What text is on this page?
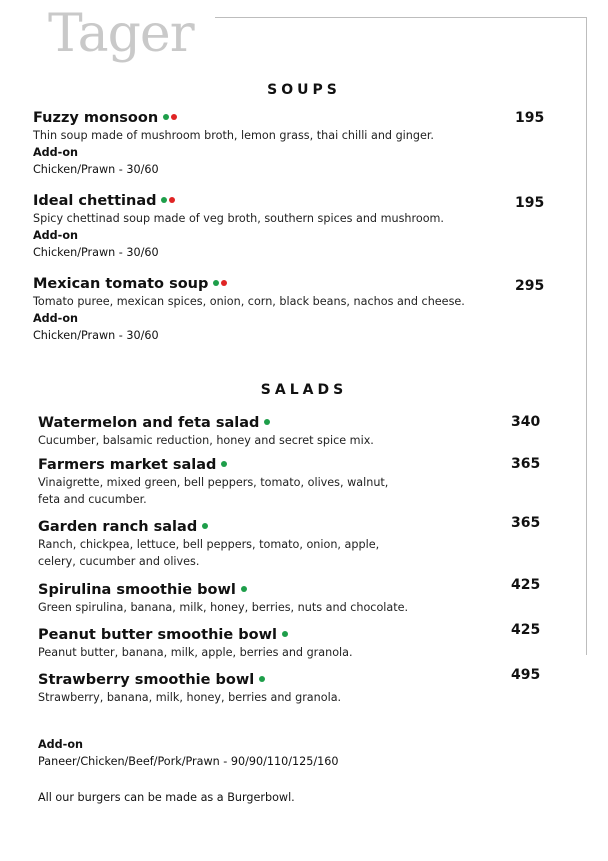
Tager
SOUPS
Fuzzy monsoon
Thin soup made of mushroom broth, lemon grass, thai chilli and ginger.
Add-on
Chicken/Prawn - 30/60
195
Ideal chettinad
Spicy chettinad soup made of veg broth, southern spices and mushroom.
Add-on
Chicken/Prawn - 30/60
195
Mexican tomato soup
Tomato puree, mexican spices, onion, corn, black beans, nachos and cheese.
Add-on
Chicken/Prawn - 30/60
295
SALADS
Watermelon and feta salad
Cucumber, balsamic reduction, honey and secret spice mix.
340
Farmers market salad
Vinaigrette, mixed green, bell peppers, tomato, olives, walnut,
feta and cucumber.
365
Garden ranch salad
Ranch, chickpea, lettuce, bell peppers, tomato, onion, apple,
celery, cucumber and olives.
365
Spirulina smoothie bowl
Green spirulina, banana, milk, honey, berries, nuts and chocolate.
425
Peanut butter smoothie bowl
Peanut butter, banana, milk, apple, berries and granola.
425
Strawberry smoothie bowl
Strawberry, banana, milk, honey, berries and granola.
495
Add-on
Paneer/Chicken/Beef/Pork/Prawn - 90/90/110/125/160
All our burgers can be made as a Burgerbowl.
